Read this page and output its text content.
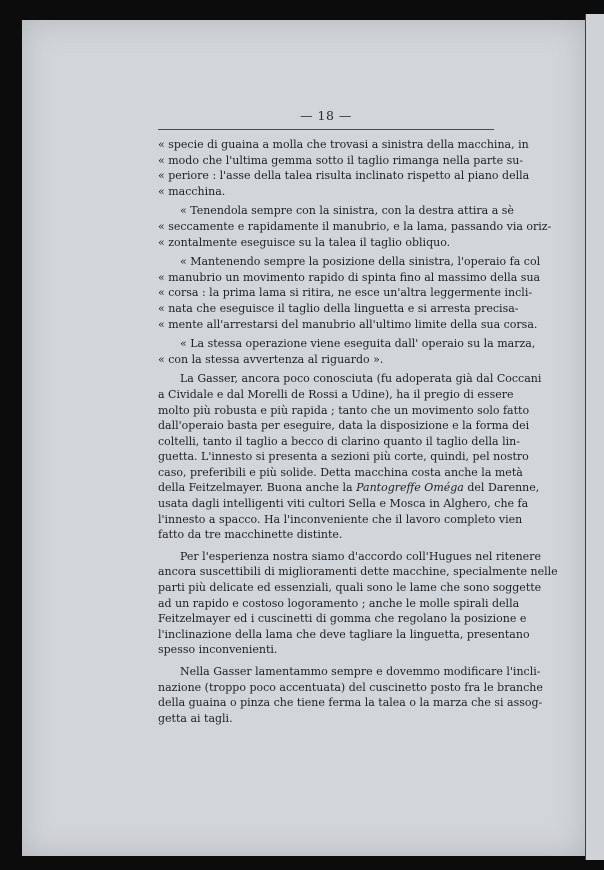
— 18 —

« specie di guaina a molla che trovasi a sinistra della macchina, in
« modo che l'ultima gemma sotto il taglio rimanga nella parte su-
« periore : l'asse della talea risulta inclinato rispetto al piano della
« macchina.

« Tenendola sempre con la sinistra, con la destra attira a sè
« seccamente e rapidamente il manubrio, e la lama, passando via oriz-
« zontalmente eseguisce su la talea il taglio obliquo.

« Mantenendo sempre la posizione della sinistra, l'operaio fa col
« manubrio un movimento rapido di spinta fino al massimo della sua
« corsa : la prima lama si ritira, ne esce un'altra leggermente incli-
« nata che eseguisce il taglio della linguetta e si arresta precisa-
« mente all'arrestarsi del manubrio all'ultimo limite della sua corsa.

« La stessa operazione viene eseguita dall' operaio su la marza,
« con la stessa avvertenza al riguardo ».

La Gasser, ancora poco conosciuta (fu adoperata già dal Coccani
a Cividale e dal Morelli de Rossi a Udine), ha il pregio di essere
molto più robusta e più rapida ; tanto che un movimento solo fatto
dall'operaio basta per eseguire, data la disposizione e la forma dei
coltelli, tanto il taglio a becco di clarino quanto il taglio della lin-
guetta. L'innesto si presenta a sezioni più corte, quindi, pel nostro
caso, preferibili e più solide. Detta macchina costa anche la metà
della Feitzelmayer. Buona anche la Pantogreffe Oméga del Darenne,
usata dagli intelligenti viti cultori Sella e Mosca in Alghero, che fa
l'innesto a spacco. Ha l'inconveniente che il lavoro completo vien
fatto da tre macchinette distinte.

Per l'esperienza nostra siamo d'accordo coll'Hugues nel ritenere
ancora suscettibili di miglioramenti dette macchine, specialmente nelle
parti più delicate ed essenziali, quali sono le lame che sono soggette
ad un rapido e costoso logoramento ; anche le molle spirali della
Feitzelmayer ed i cuscinetti di gomma che regolano la posizione e
l'inclinazione della lama che deve tagliare la linguetta, presentano
spesso inconvenienti.

Nella Gasser lamentammo sempre e dovemmo modificare l'incli-
nazione (troppo poco accentuata) del cuscinetto posto fra le branche
della guaina o pinza che tiene ferma la talea o la marza che si assog-
getta ai tagli.
